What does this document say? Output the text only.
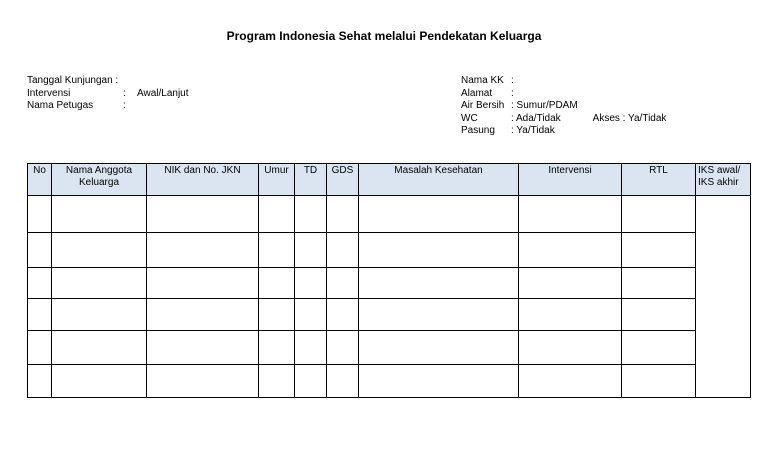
Program Indonesia Sehat melalui Pendekatan Keluarga
Tanggal Kunjungan :
Intervensi	:	Awal/Lanjut
Nama Petugas	:
Nama KK :
Alamat	:
Air Bersih : Sumur/PDAM
WC	: Ada/Tidak	Akses : Ya/Tidak
Pasung	: Ya/Tidak
No	Nama Anggota Keluarga	NIK dan No. JKN	Umur	TD	GDS	Masalah Kesehatan	Intervensi	RTL	IKS awal/ IKS akhir
